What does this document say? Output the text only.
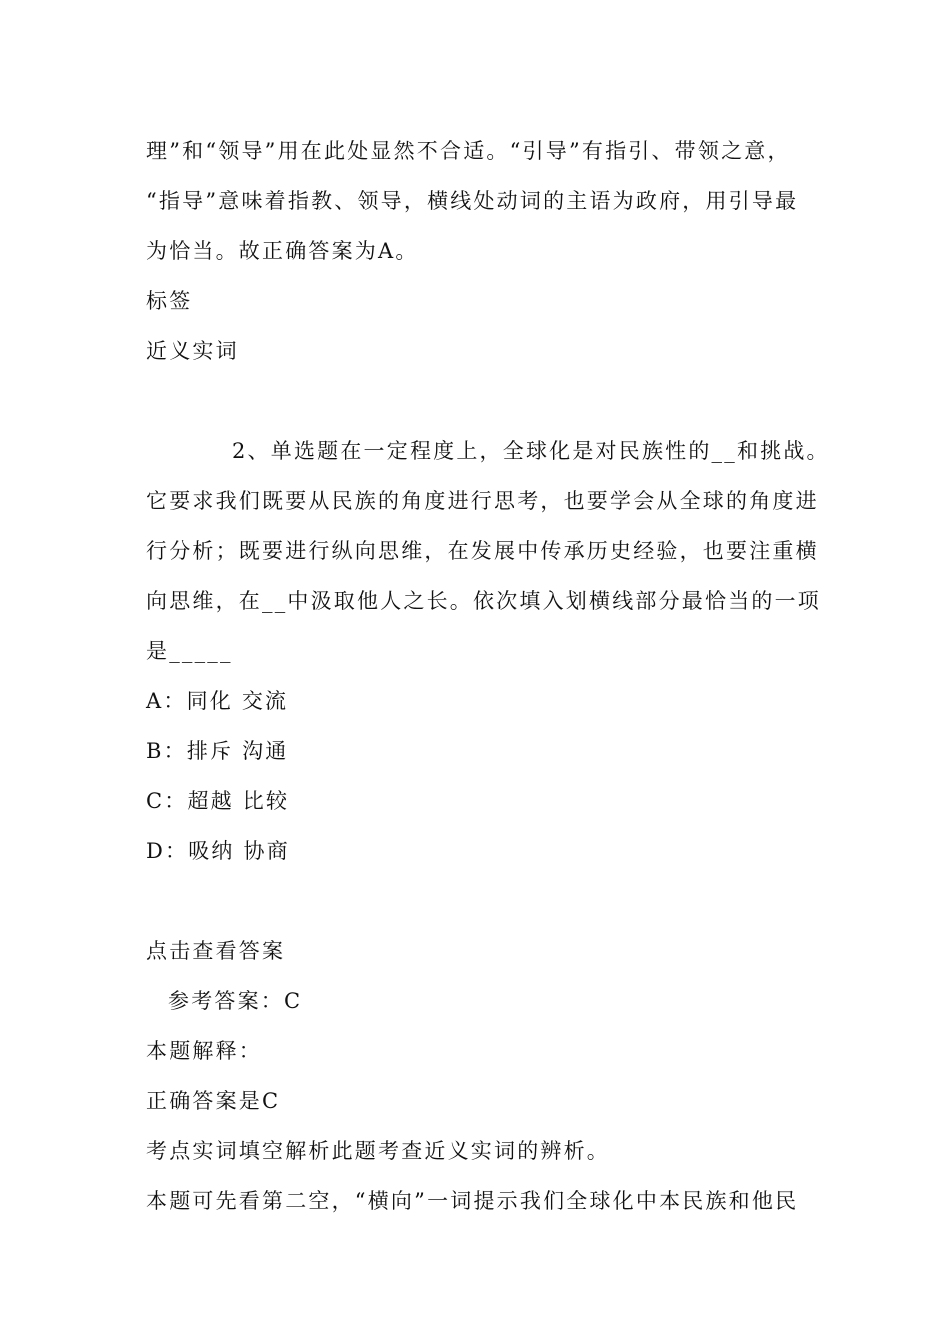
理”和“领导”用在此处显然不合适。“引导”有指引、带领之意，
“指导”意味着指教、领导，横线处动词的主语为政府，用引导最
为恰当。故正确答案为A。
标签
近义实词
2、单选题在一定程度上，全球化是对民族性的__和挑战。
它要求我们既要从民族的角度进行思考，也要学会从全球的角度进
行分析；既要进行纵向思维，在发展中传承历史经验，也要注重横
向思维，在__中汲取他人之长。依次填入划横线部分最恰当的一项
是_____
A：同化 交流
B：排斥 沟通
C：超越 比较
D：吸纳 协商
点击查看答案
参考答案：C
本题解释：
正确答案是C
考点实词填空解析此题考查近义实词的辨析。
本题可先看第二空，“横向”一词提示我们全球化中本民族和他民
